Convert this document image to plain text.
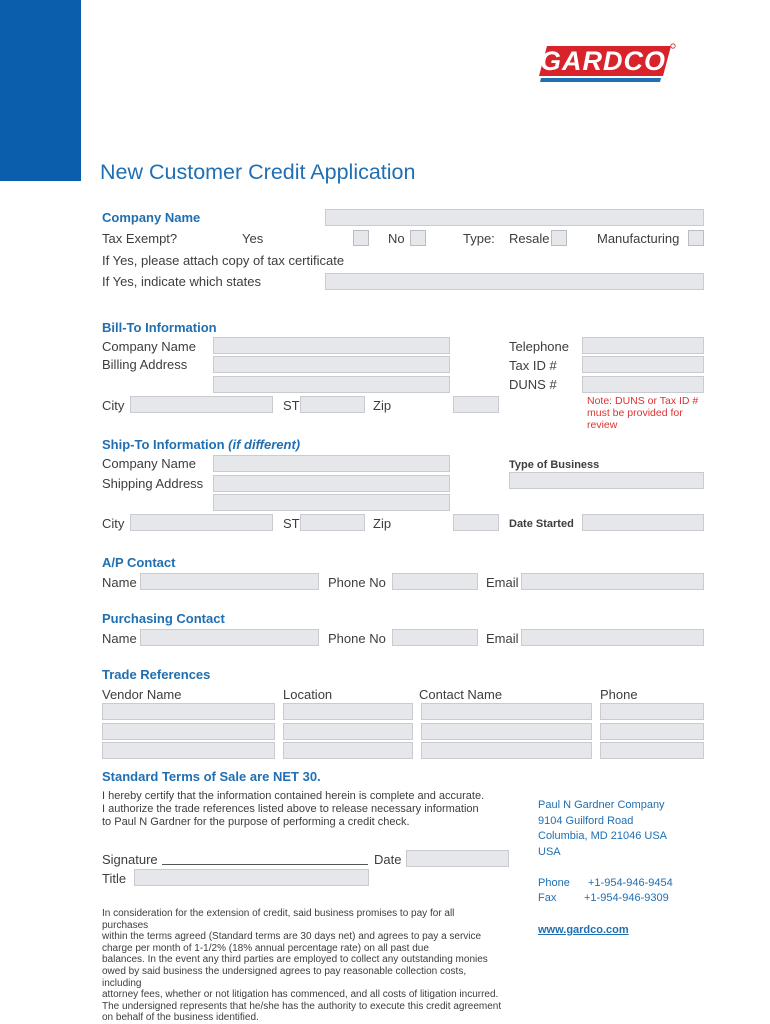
GARDCO
New Customer Credit Application
Company Name
Tax Exempt?	Yes	No	Type: Resale	Manufacturing
If Yes, please attach copy of tax certificate
If Yes, indicate which states
Bill-To Information
Company Name
Billing Address
City	ST	Zip
Telephone
Tax ID #
DUNS #
Note: DUNS or Tax ID # must be provided for review
Ship-To Information (if different)
Company Name
Shipping Address
City	ST	Zip
Type of Business
Date Started
A/P Contact
Name	Phone No	Email
Purchasing Contact
Name	Phone No	Email
Trade References
Vendor Name	Location	Contact Name	Phone
Standard Terms of Sale are NET 30.
I hereby certify that the information contained herein is complete and accurate.
I authorize the trade references listed above to release necessary information
to Paul N Gardner for the purpose of performing a credit check.
Signature	Date
Title
In consideration for the extension of credit, said business promises to pay for all purchases
within the terms agreed (Standard terms are 30 days net) and agrees to pay a service
charge per month of 1-1/2% (18% annual percentage rate) on all past due
balances. In the event any third parties are employed to collect any outstanding monies
owed by said business the undersigned agrees to pay reasonable collection costs, including
attorney fees, whether or not litigation has commenced, and all costs of litigation incurred.
The undersigned represents that he/she has the authority to execute this credit agreement
on behalf of the business identified.
Paul N Gardner Company
9104 Guilford Road
Columbia, MD 21046 USA
USA
Phone +1-954-946-9454
Fax	+1-954-946-9309
www.gardco.com
